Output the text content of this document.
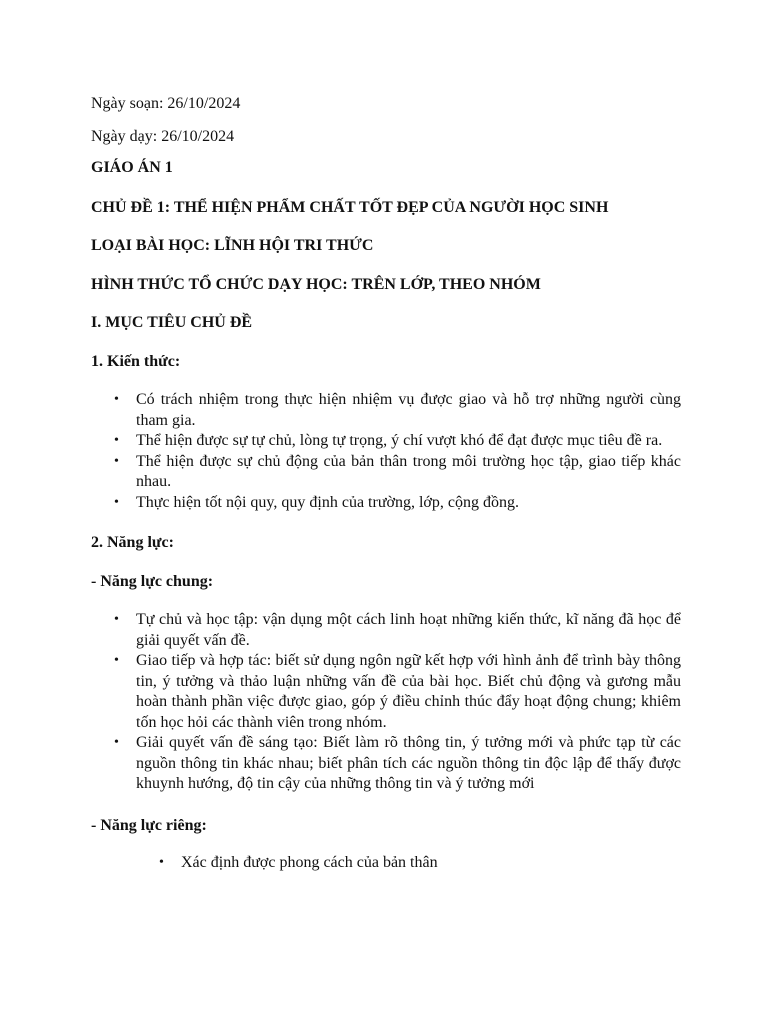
Ngày soạn: 26/10/2024

Ngày dạy: 26/10/2024

GIÁO ÁN 1

CHỦ ĐỀ 1: THỂ HIỆN PHẨM CHẤT TỐT ĐẸP CỦA NGƯỜI HỌC SINH

LOẠI BÀI HỌC: LĨNH HỘI TRI THỨC

HÌNH THỨC TỔ CHỨC DẠY HỌC: TRÊN LỚP, THEO NHÓM

I. MỤC TIÊU CHỦ ĐỀ

1. Kiến thức:

• Có trách nhiệm trong thực hiện nhiệm vụ được giao và hỗ trợ những người cùng tham gia.
• Thể hiện được sự tự chủ, lòng tự trọng, ý chí vượt khó để đạt được mục tiêu đề ra.
• Thể hiện được sự chủ động của bản thân trong môi trường học tập, giao tiếp khác nhau.
• Thực hiện tốt nội quy, quy định của trường, lớp, cộng đồng.

2. Năng lực:

- Năng lực chung:

• Tự chủ và học tập: vận dụng một cách linh hoạt những kiến thức, kĩ năng đã học để giải quyết vấn đề.
• Giao tiếp và hợp tác: biết sử dụng ngôn ngữ kết hợp với hình ảnh để trình bày thông tin, ý tưởng và thảo luận những vấn đề của bài học. Biết chủ động và gương mẫu hoàn thành phần việc được giao, góp ý điều chỉnh thúc đẩy hoạt động chung; khiêm tốn học hỏi các thành viên trong nhóm.
• Giải quyết vấn đề sáng tạo: Biết làm rõ thông tin, ý tưởng mới và phức tạp từ các nguồn thông tin khác nhau; biết phân tích các nguồn thông tin độc lập để thấy được khuynh hướng, độ tin cậy của những thông tin và ý tưởng mới

- Năng lực riêng:

• Xác định được phong cách của bản thân
